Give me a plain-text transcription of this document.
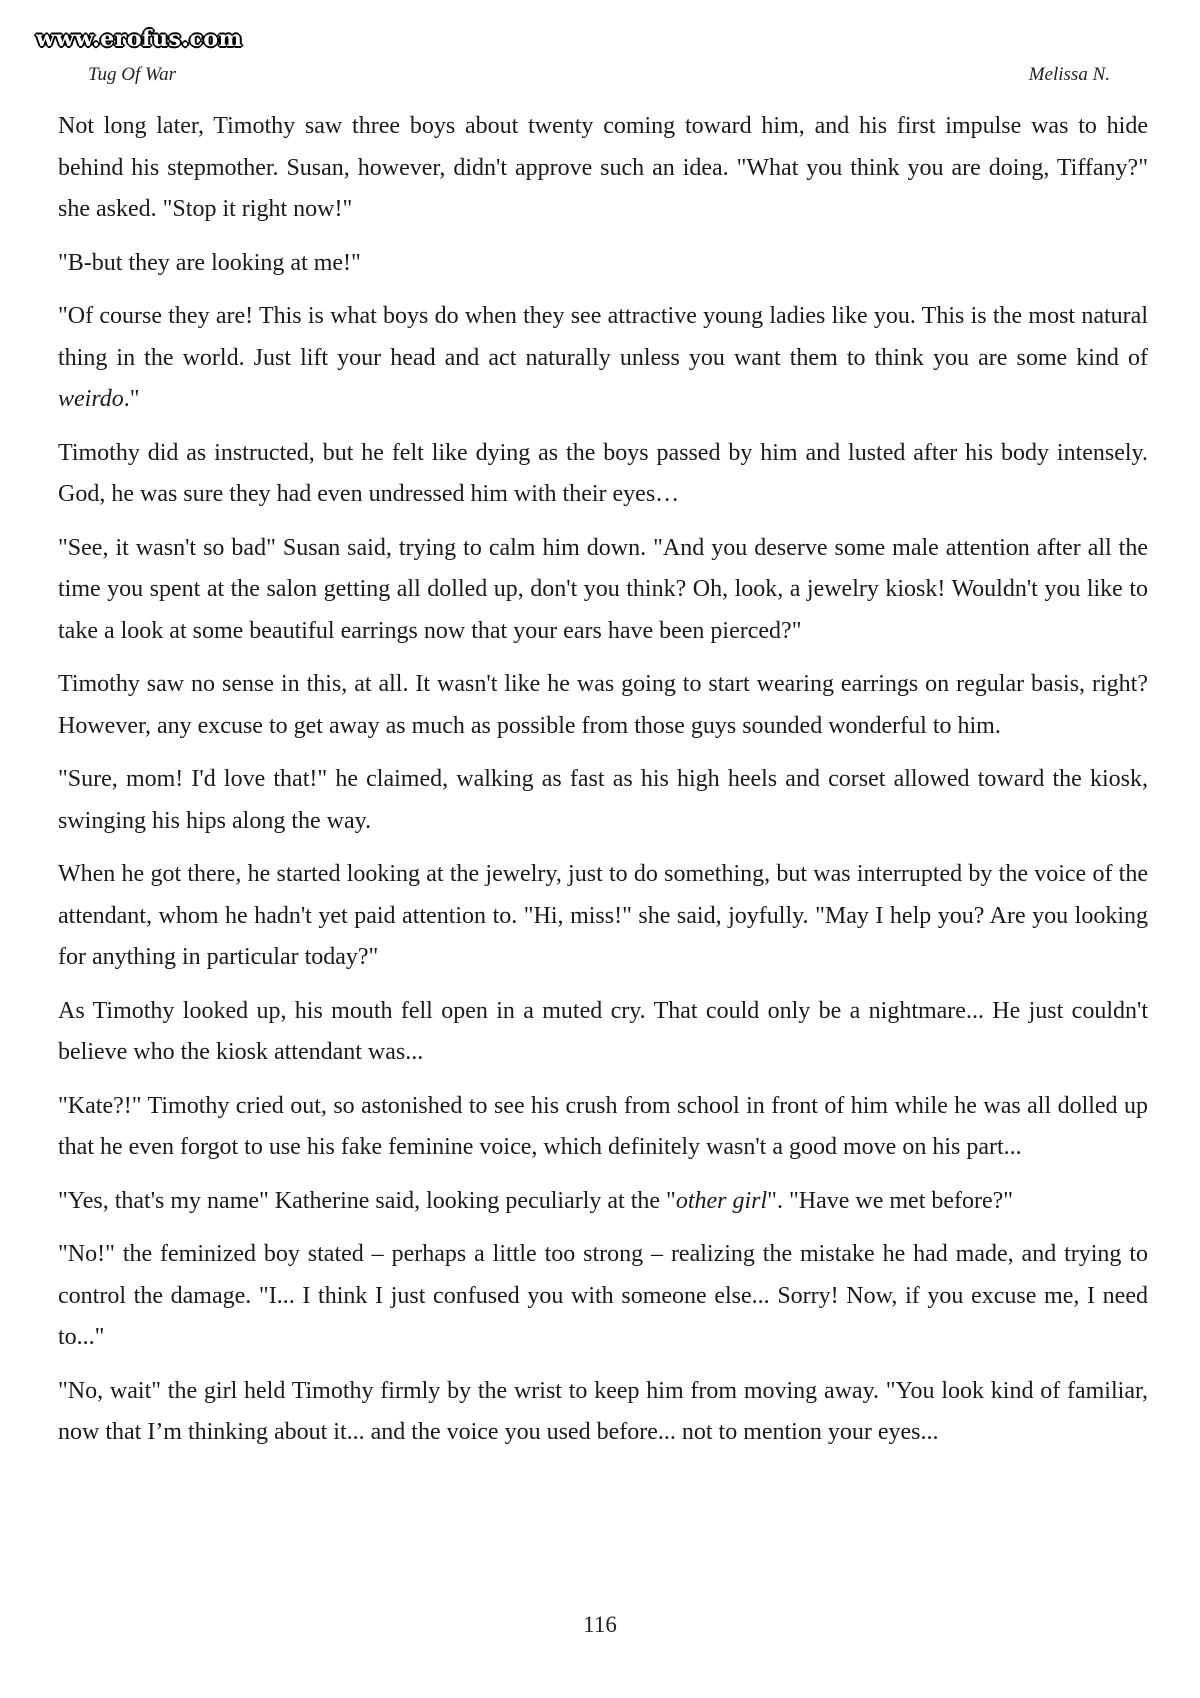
www.erofus.com
Tug Of War	Melissa N.

Not long later, Timothy saw three boys about twenty coming toward him, and his first impulse was to hide behind his stepmother. Susan, however, didn't approve such an idea. "What you think you are doing, Tiffany?" she asked. "Stop it right now!"

"B-but they are looking at me!"

"Of course they are! This is what boys do when they see attractive young ladies like you. This is the most natural thing in the world. Just lift your head and act naturally unless you want them to think you are some kind of weirdo."

Timothy did as instructed, but he felt like dying as the boys passed by him and lusted after his body intensely. God, he was sure they had even undressed him with their eyes…

"See, it wasn't so bad" Susan said, trying to calm him down. "And you deserve some male attention after all the time you spent at the salon getting all dolled up, don't you think? Oh, look, a jewelry kiosk! Wouldn't you like to take a look at some beautiful earrings now that your ears have been pierced?"

Timothy saw no sense in this, at all. It wasn't like he was going to start wearing earrings on regular basis, right? However, any excuse to get away as much as possible from those guys sounded wonderful to him.

"Sure, mom! I'd love that!" he claimed, walking as fast as his high heels and corset allowed toward the kiosk, swinging his hips along the way.

When he got there, he started looking at the jewelry, just to do something, but was interrupted by the voice of the attendant, whom he hadn't yet paid attention to. "Hi, miss!" she said, joyfully. "May I help you? Are you looking for anything in particular today?"

As Timothy looked up, his mouth fell open in a muted cry. That could only be a nightmare... He just couldn't believe who the kiosk attendant was...

"Kate?!" Timothy cried out, so astonished to see his crush from school in front of him while he was all dolled up that he even forgot to use his fake feminine voice, which definitely wasn't a good move on his part...

"Yes, that's my name" Katherine said, looking peculiarly at the "other girl". "Have we met before?"

"No!" the feminized boy stated – perhaps a little too strong – realizing the mistake he had made, and trying to control the damage. "I... I think I just confused you with someone else... Sorry! Now, if you excuse me, I need to..."

"No, wait" the girl held Timothy firmly by the wrist to keep him from moving away. "You look kind of familiar, now that I’m thinking about it... and the voice you used before... not to mention your eyes...

116
